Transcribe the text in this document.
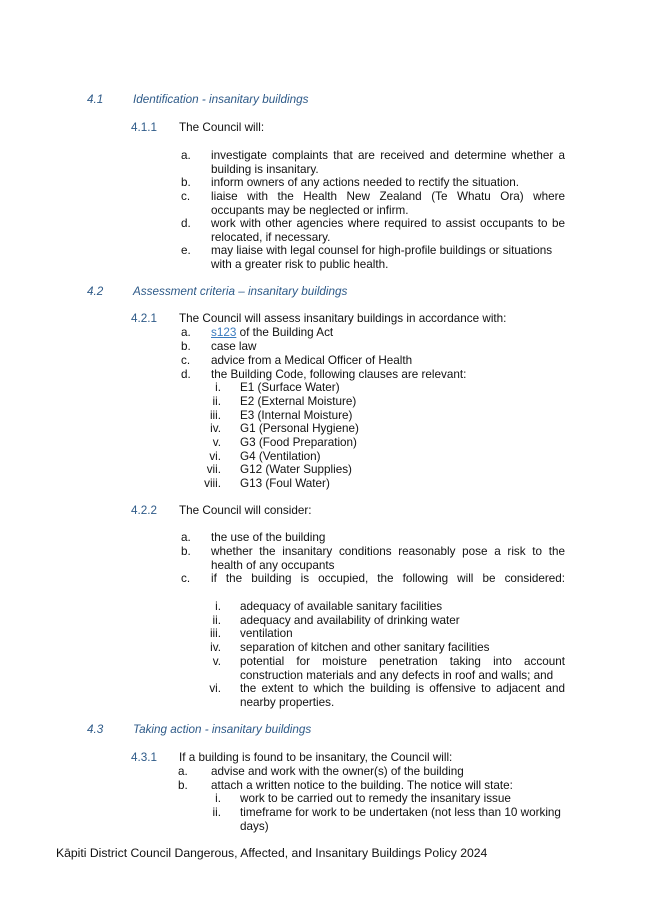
4.1	Identification - insanitary buildings
4.1.1 The Council will:
a. investigate complaints that are received and determine whether a building is insanitary.
b. inform owners of any actions needed to rectify the situation.
c. liaise with the Health New Zealand (Te Whatu Ora) where occupants may be neglected or infirm.
d. work with other agencies where required to assist occupants to be relocated, if necessary.
e. may liaise with legal counsel for high-profile buildings or situations with a greater risk to public health.
4.2	Assessment criteria – insanitary buildings
4.2.1 The Council will assess insanitary buildings in accordance with:
a. s123 of the Building Act
b. case law
c. advice from a Medical Officer of Health
d. the Building Code, following clauses are relevant:
i. E1 (Surface Water)
ii. E2 (External Moisture)
iii. E3 (Internal Moisture)
iv. G1 (Personal Hygiene)
v. G3 (Food Preparation)
vi. G4 (Ventilation)
vii. G12 (Water Supplies)
viii. G13 (Foul Water)
4.2.2 The Council will consider:
a. the use of the building
b. whether the insanitary conditions reasonably pose a risk to the health of any occupants
c. if the building is occupied, the following will be considered:
i. adequacy of available sanitary facilities
ii. adequacy and availability of drinking water
iii. ventilation
iv. separation of kitchen and other sanitary facilities
v. potential for moisture penetration taking into account construction materials and any defects in roof and walls; and
vi. the extent to which the building is offensive to adjacent and nearby properties.
4.3	Taking action - insanitary buildings
4.3.1 If a building is found to be insanitary, the Council will:
a. advise and work with the owner(s) of the building
b. attach a written notice to the building. The notice will state:
i. work to be carried out to remedy the insanitary issue
ii. timeframe for work to be undertaken (not less than 10 working days)
Kāpiti District Council Dangerous, Affected, and Insanitary Buildings Policy 2024
